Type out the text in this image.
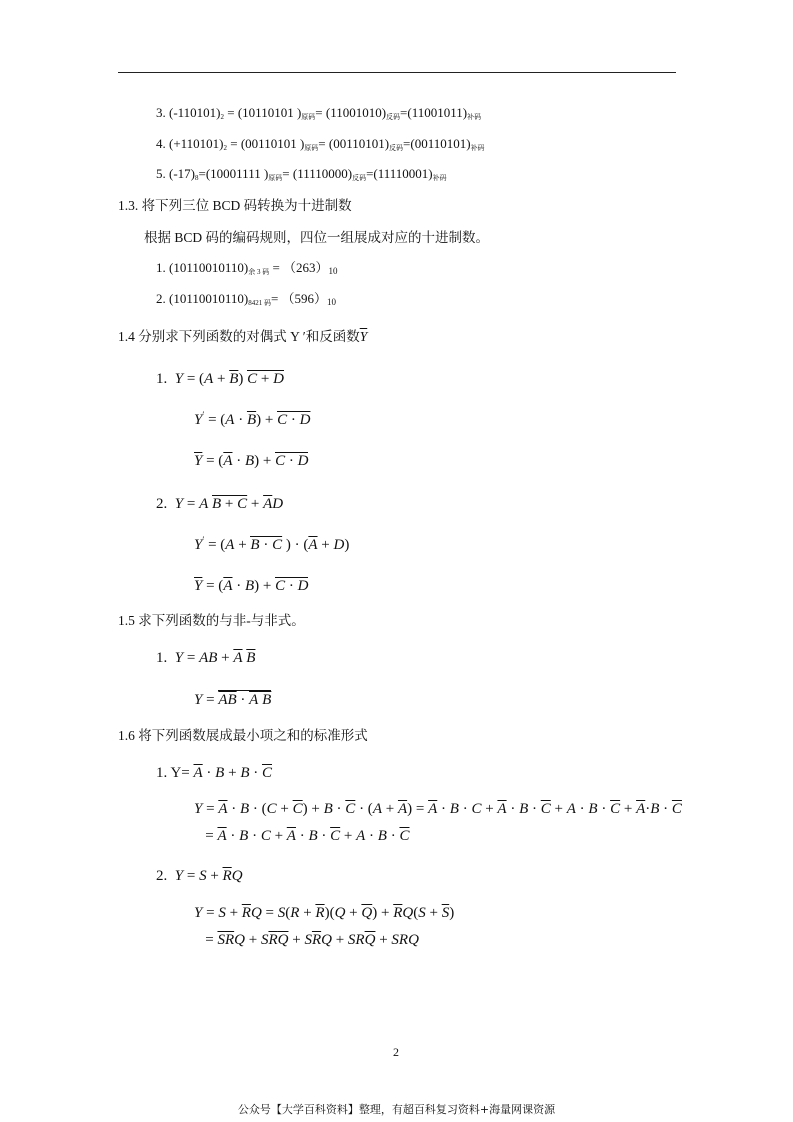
3. $(-110101)_2 = (10110101$ )$_{原码}= (11001010)_{反码}=(11001011)_{补码}$
4. $(+110101)_2 = (00110101$ )$_{原码}= (00110101)_{反码}=(00110101)_{补码}$
5. $(-17)_8=(10001111$ )$_{原码}= (11110000)_{反码}=(11110001)_{补码}$
1.3. 将下列三位 BCD 码转换为十进制数
根据 BCD 码的编码规则，四位一组展成对应的十进制数。
1. $(10110010110)_{余 3 码} = (263)_{10}$
2. $(10110010110)_{8421 码}= (596)_{10}$
1.4 分别求下列函数的对偶式 Y ′和反函数$\overline{Y}$
1.  $Y = (A + \overline{B})$ $C + \overline{D}$
$Y' = (A \cdot \overline{B}) + C \cdot \overline{D}$
$\overline{Y} = (\overline{A} \cdot B) + \overline{C} \cdot D$
2.  Y = A $B + \overline{C} + \overline{A}D$
$Y' = (A + B \cdot \overline{C}$ ) · $(\overline{A} + D)$
$\overline{Y} = (\overline{A} \cdot B) + \overline{C} \cdot D$
1.5 求下列函数的与非-与非式。
1.  Y = AB + $\overline{A}$ $\overline{B}$
$Y = \overline{AB} \cdot A$ B
1.6 将下列函数展成最小项之和的标准形式
1. $Y= \overline{A} \cdot B + B \cdot \overline{C}$
$Y = \overline{A} \cdot B \cdot (C + \overline{C}) + B \cdot \overline{C} \cdot (A + \overline{A}) = \overline{A} \cdot B \cdot C + \overline{A} \cdot B \cdot \overline{C} + A \cdot B \cdot \overline{C} + \overline{A}\cdot B \cdot \overline{C}$
= $\overline{A} \cdot B \cdot C + \overline{A} \cdot B \cdot \overline{C} + A \cdot B \cdot \overline{C}$
2.  $Y = S + \overline{R}Q$
$Y = S + \overline{R}Q = S(R + \overline{R})(Q + \overline{Q}) + \overline{R}Q(S + \overline{S})$
= $\overline{S}\overline{R}Q + S\overline{R}\overline{Q} + S\overline{R}Q + SR\overline{Q}$ + SRQ
2
公众号【大学百科资料】整理，有超百科复习资料+海量网课资源
